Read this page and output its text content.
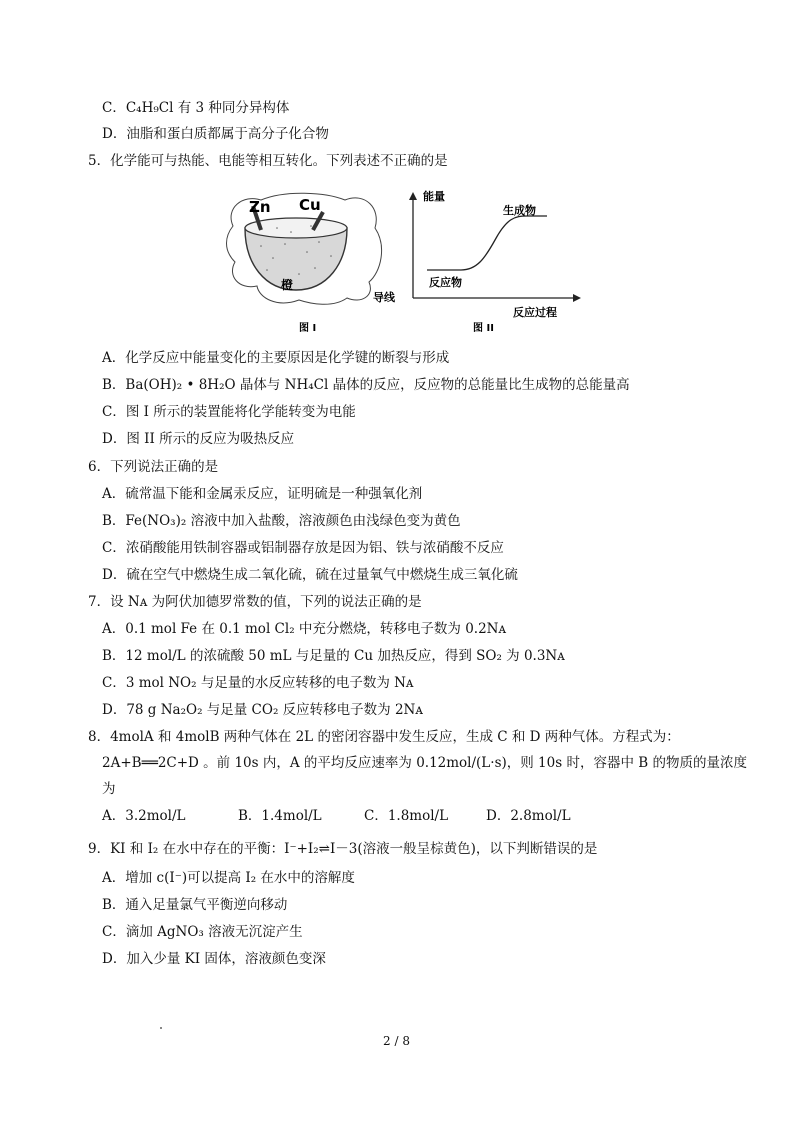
C．C₄H₉Cl 有 3 种同分异构体
D．油脂和蛋白质都属于高分子化合物
5．化学能可与热能、电能等相互转化。下列表述不正确的是
Zn Cu
橙
导线
图 I
能量
生成物
反应物
反应过程
图 II
A．化学反应中能量变化的主要原因是化学键的断裂与形成
B．Ba(OH)₂ • 8H₂O 晶体与 NH₄Cl 晶体的反应，反应物的总能量比生成物的总能量高
C．图 I 所示的装置能将化学能转变为电能
D．图 II 所示的反应为吸热反应
6．下列说法正确的是
A．硫常温下能和金属汞反应，证明硫是一种强氧化剂
B．Fe(NO₃)₂ 溶液中加入盐酸，溶液颜色由浅绿色变为黄色
C．浓硝酸能用铁制容器或铝制器存放是因为铝、铁与浓硝酸不反应
D．硫在空气中燃烧生成二氧化硫，硫在过量氧气中燃烧生成三氧化硫
7．设 Nᴀ 为阿伏加德罗常数的值，下列的说法正确的是
A．0.1 mol Fe 在 0.1 mol Cl₂ 中充分燃烧，转移电子数为 0.2Nᴀ
B．12 mol/L 的浓硫酸 50 mL 与足量的 Cu 加热反应，得到 SO₂ 为 0.3Nᴀ
C．3 mol NO₂ 与足量的水反应转移的电子数为 Nᴀ
D．78 g Na₂O₂ 与足量 CO₂ 反应转移电子数为 2Nᴀ
8．4molA 和 4molB 两种气体在 2L 的密闭容器中发生反应，生成 C 和 D 两种气体。方程式为：
2A+B══2C+D 。前 10s 内，A 的平均反应速率为 0.12mol/(L·s)，则 10s 时，容器中 B 的物质的量浓度
为
A．3.2mol/L	B．1.4mol/L	C．1.8mol/L	D．2.8mol/L
9．KI 和 I₂ 在水中存在的平衡：I⁻+I₂⇌I－3(溶液一般呈棕黄色)，以下判断错误的是
A．增加 c(I⁻)可以提高 I₂ 在水中的溶解度
B．通入足量氯气平衡逆向移动
C．滴加 AgNO₃ 溶液无沉淀产生
D．加入少量 KI 固体，溶液颜色变深
2 / 8
